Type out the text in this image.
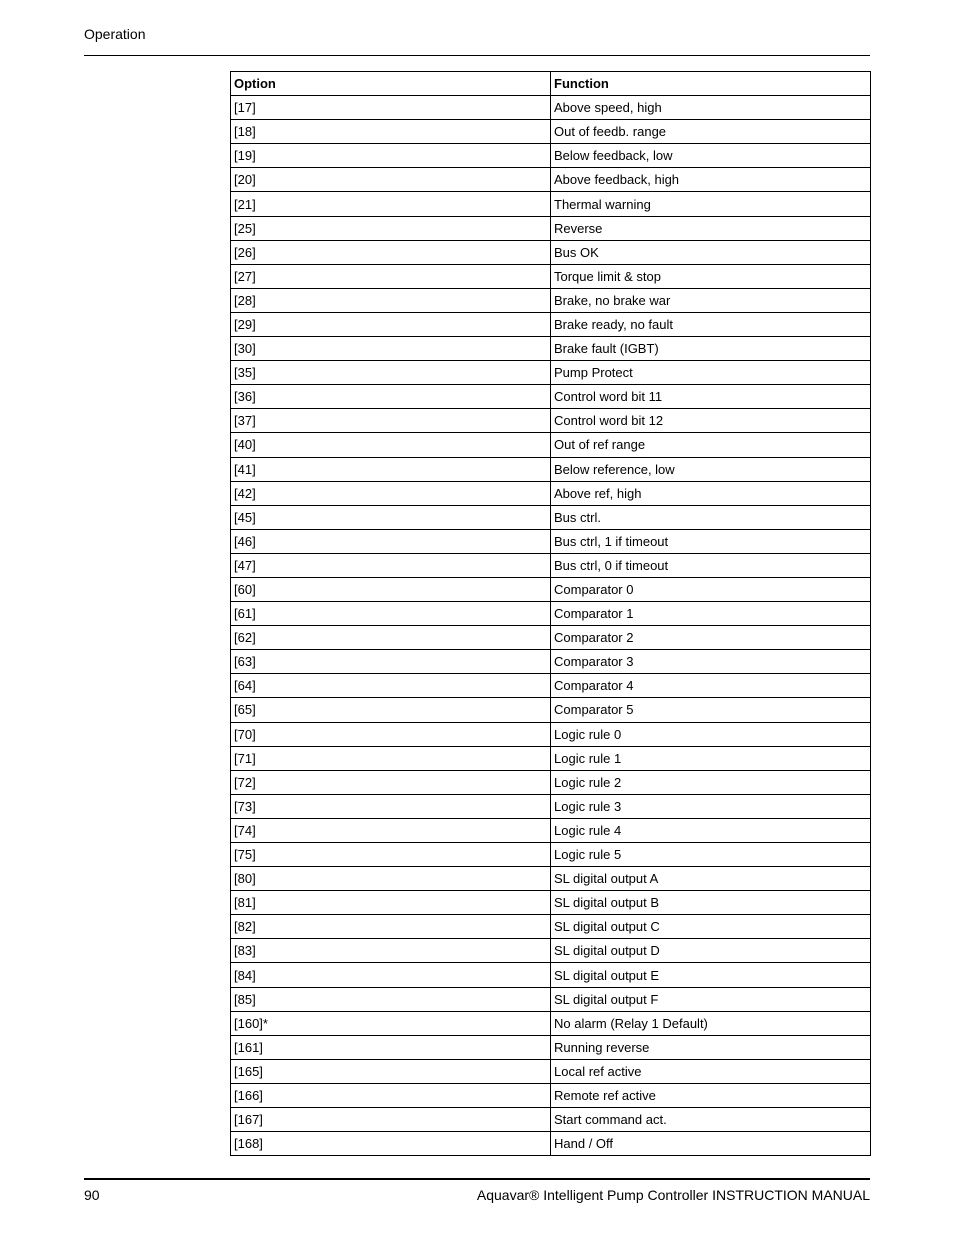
Operation
Option	Function
[17]	Above speed, high
[18]	Out of feedb. range
[19]	Below feedback, low
[20]	Above feedback, high
[21]	Thermal warning
[25]	Reverse
[26]	Bus OK
[27]	Torque limit & stop
[28]	Brake, no brake war
[29]	Brake ready, no fault
[30]	Brake fault (IGBT)
[35]	Pump Protect
[36]	Control word bit 11
[37]	Control word bit 12
[40]	Out of ref range
[41]	Below reference, low
[42]	Above ref, high
[45]	Bus ctrl.
[46]	Bus ctrl, 1 if timeout
[47]	Bus ctrl, 0 if timeout
[60]	Comparator 0
[61]	Comparator 1
[62]	Comparator 2
[63]	Comparator 3
[64]	Comparator 4
[65]	Comparator 5
[70]	Logic rule 0
[71]	Logic rule 1
[72]	Logic rule 2
[73]	Logic rule 3
[74]	Logic rule 4
[75]	Logic rule 5
[80]	SL digital output A
[81]	SL digital output B
[82]	SL digital output C
[83]	SL digital output D
[84]	SL digital output E
[85]	SL digital output F
[160]*	No alarm (Relay 1 Default)
[161]	Running reverse
[165]	Local ref active
[166]	Remote ref active
[167]	Start command act.
[168]	Hand / Off
90	Aquavar® Intelligent Pump Controller INSTRUCTION MANUAL
